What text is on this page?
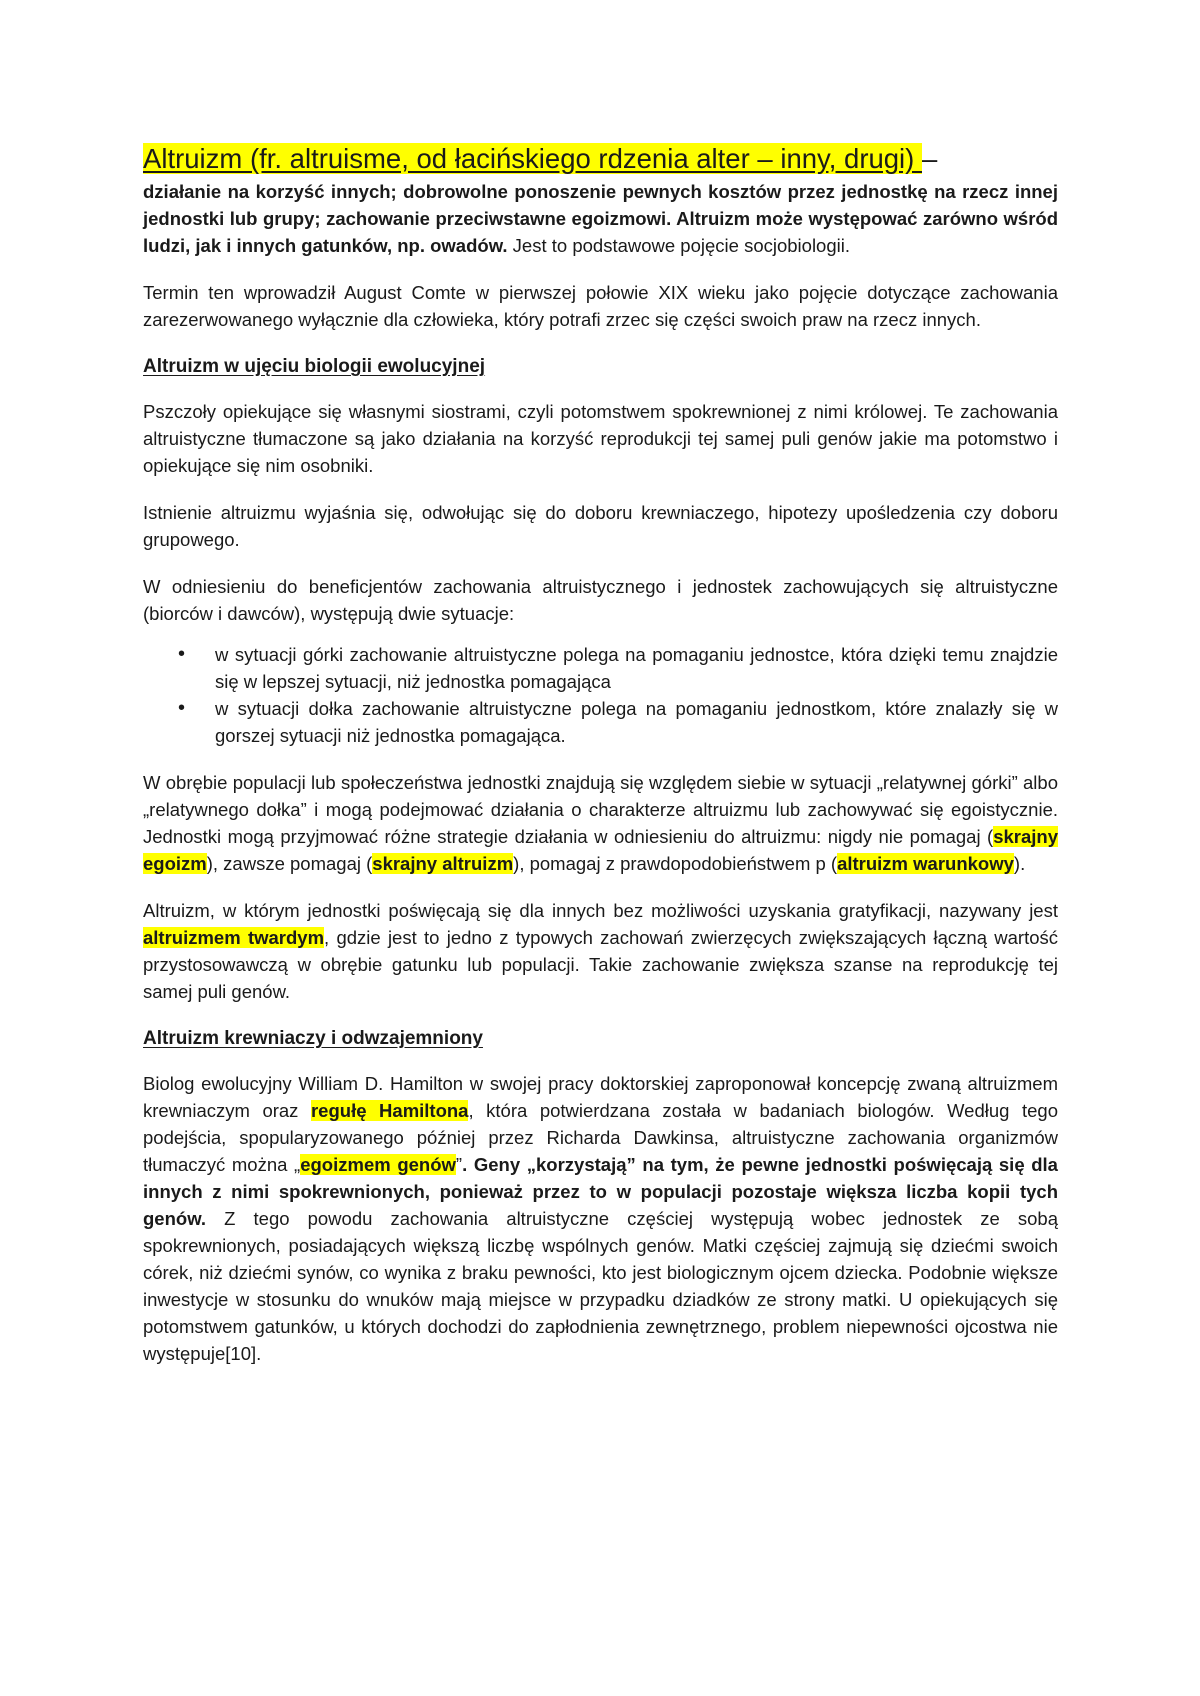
Altruizm (fr. altruisme, od łacińskiego rdzenia alter – inny, drugi) –

działanie na korzyść innych; dobrowolne ponoszenie pewnych kosztów przez jednostkę na rzecz innej jednostki lub grupy; zachowanie przeciwstawne egoizmowi. Altruizm może występować zarówno wśród ludzi, jak i innych gatunków, np. owadów. Jest to podstawowe pojęcie socjobiologii.

Termin ten wprowadził August Comte w pierwszej połowie XIX wieku jako pojęcie dotyczące zachowania zarezerwowanego wyłącznie dla człowieka, który potrafi zrzec się części swoich praw na rzecz innych.

Altruizm w ujęciu biologii ewolucyjnej

Pszczoły opiekujące się własnymi siostrami, czyli potomstwem spokrewnionej z nimi królowej. Te zachowania altruistyczne tłumaczone są jako działania na korzyść reprodukcji tej samej puli genów jakie ma potomstwo i opiekujące się nim osobniki.

Istnienie altruizmu wyjaśnia się, odwołując się do doboru krewniaczego, hipotezy upośledzenia czy doboru grupowego.

W odniesieniu do beneficjentów zachowania altruistycznego i jednostek zachowujących się altruistyczne (biorców i dawców), występują dwie sytuacje:

• w sytuacji górki zachowanie altruistyczne polega na pomaganiu jednostce, która dzięki temu znajdzie się w lepszej sytuacji, niż jednostka pomagająca
• w sytuacji dołka zachowanie altruistyczne polega na pomaganiu jednostkom, które znalazły się w gorszej sytuacji niż jednostka pomagająca.

W obrębie populacji lub społeczeństwa jednostki znajdują się względem siebie w sytuacji „relatywnej górki” albo „relatywnego dołka” i mogą podejmować działania o charakterze altruizmu lub zachowywać się egoistycznie. Jednostki mogą przyjmować różne strategie działania w odniesieniu do altruizmu: nigdy nie pomagaj (skrajny egoizm), zawsze pomagaj (skrajny altruizm), pomagaj z prawdopodobieństwem p (altruizm warunkowy).

Altruizm, w którym jednostki poświęcają się dla innych bez możliwości uzyskania gratyfikacji, nazywany jest altruizmem twardym, gdzie jest to jedno z typowych zachowań zwierzęcych zwiększających łączną wartość przystosowawczą w obrębie gatunku lub populacji. Takie zachowanie zwiększa szanse na reprodukcję tej samej puli genów.

Altruizm krewniaczy i odwzajemniony

Biolog ewolucyjny William D. Hamilton w swojej pracy doktorskiej zaproponował koncepcję zwaną altruizmem krewniaczym oraz regułę Hamiltona, która potwierdzana została w badaniach biologów. Według tego podejścia, spopularyzowanego później przez Richarda Dawkinsa, altruistyczne zachowania organizmów tłumaczyć można „egoizmem genów”. Geny „korzystają” na tym, że pewne jednostki poświęcają się dla innych z nimi spokrewnionych, ponieważ przez to w populacji pozostaje większa liczba kopii tych genów. Z tego powodu zachowania altruistyczne częściej występują wobec jednostek ze sobą spokrewnionych, posiadających większą liczbę wspólnych genów. Matki częściej zajmują się dziećmi swoich córek, niż dziećmi synów, co wynika z braku pewności, kto jest biologicznym ojcem dziecka. Podobnie większe inwestycje w stosunku do wnuków mają miejsce w przypadku dziadków ze strony matki. U opiekujących się potomstwem gatunków, u których dochodzi do zapłodnienia zewnętrznego, problem niepewności ojcostwa nie występuje[10].
